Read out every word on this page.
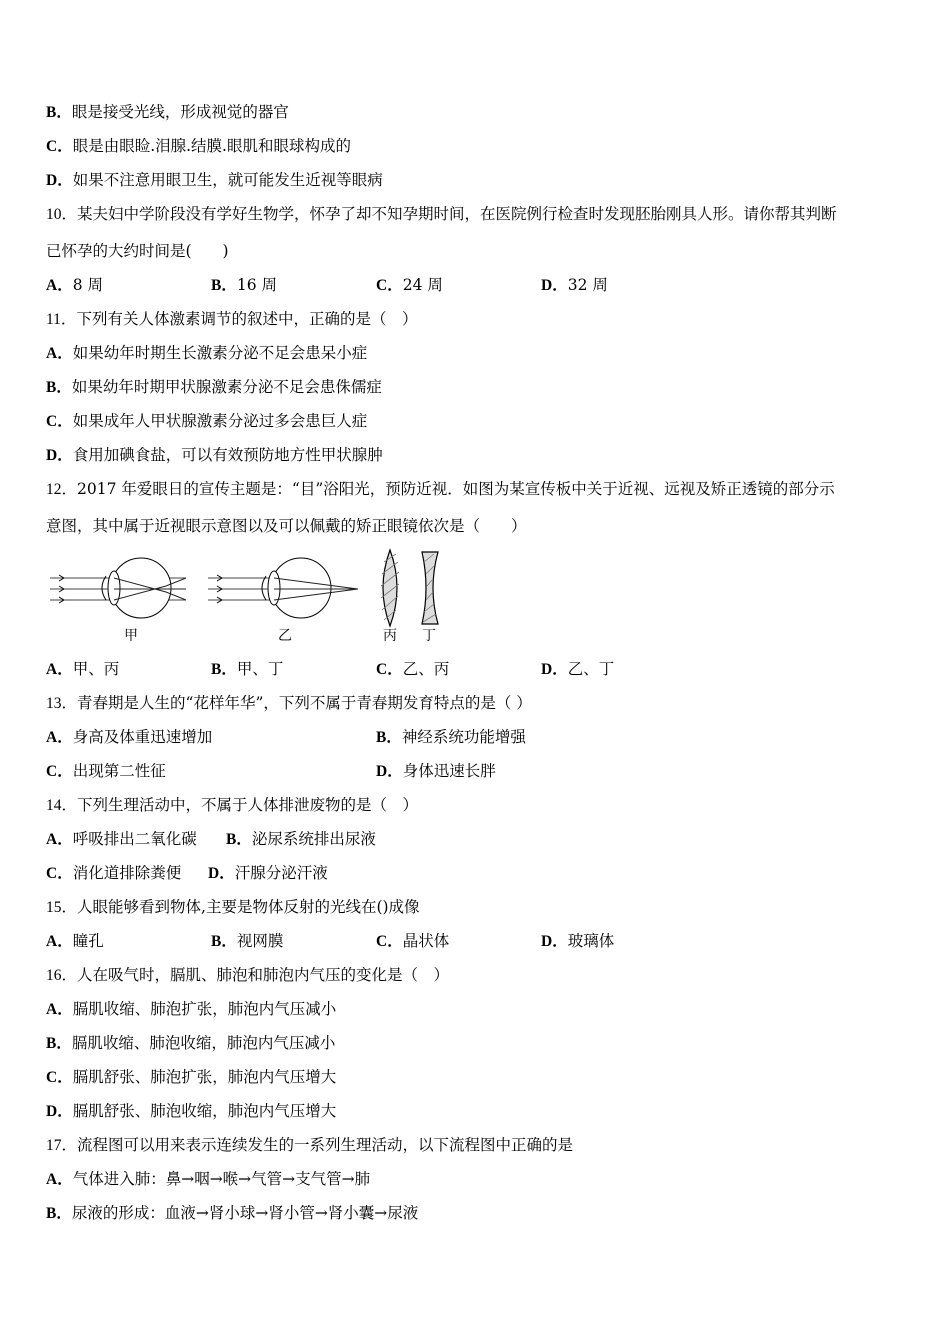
B．眼是接受光线，形成视觉的器官
C．眼是由眼睑.泪腺.结膜.眼肌和眼球构成的
D．如果不注意用眼卫生，就可能发生近视等眼病
10．某夫妇中学阶段没有学好生物学，怀孕了却不知孕期时间，在医院例行检查时发现胚胎刚具人形。请你帮其判断
已怀孕的大约时间是(　　)
A．8 周	B．16 周	C．24 周	D．32 周
11．下列有关人体激素调节的叙述中，正确的是（　）
A．如果幼年时期生长激素分泌不足会患呆小症
B．如果幼年时期甲状腺激素分泌不足会患侏儒症
C．如果成年人甲状腺激素分泌过多会患巨人症
D．食用加碘食盐，可以有效预防地方性甲状腺肿
12．2017 年爱眼日的宣传主题是：“目”浴阳光，预防近视．如图为某宣传板中关于近视、远视及矫正透镜的部分示
意图，其中属于近视眼示意图以及可以佩戴的矫正眼镜依次是（　　）
甲	乙	丙 丁
A．甲、丙	B．甲、丁	C．乙、丙	D．乙、丁
13．青春期是人生的“花样年华”，下列不属于青春期发育特点的是（ ）
A．身高及体重迅速增加	B．神经系统功能增强
C．出现第二性征	D．身体迅速长胖
14．下列生理活动中，不属于人体排泄废物的是（　）
A．呼吸排出二氧化碳 B．泌尿系统排出尿液
C．消化道排除粪便 D．汗腺分泌汗液
15．人眼能够看到物体,主要是物体反射的光线在()成像
A．瞳孔	B．视网膜	C．晶状体	D．玻璃体
16．人在吸气时，膈肌、肺泡和肺泡内气压的变化是（　）
A．膈肌收缩、肺泡扩张，肺泡内气压减小
B．膈肌收缩、肺泡收缩，肺泡内气压减小
C．膈肌舒张、肺泡扩张，肺泡内气压增大
D．膈肌舒张、肺泡收缩，肺泡内气压增大
17．流程图可以用来表示连续发生的一系列生理活动，以下流程图中正确的是
A．气体进入肺：鼻→咽→喉→气管→支气管→肺
B．尿液的形成：血液→肾小球→肾小管→肾小囊→尿液
